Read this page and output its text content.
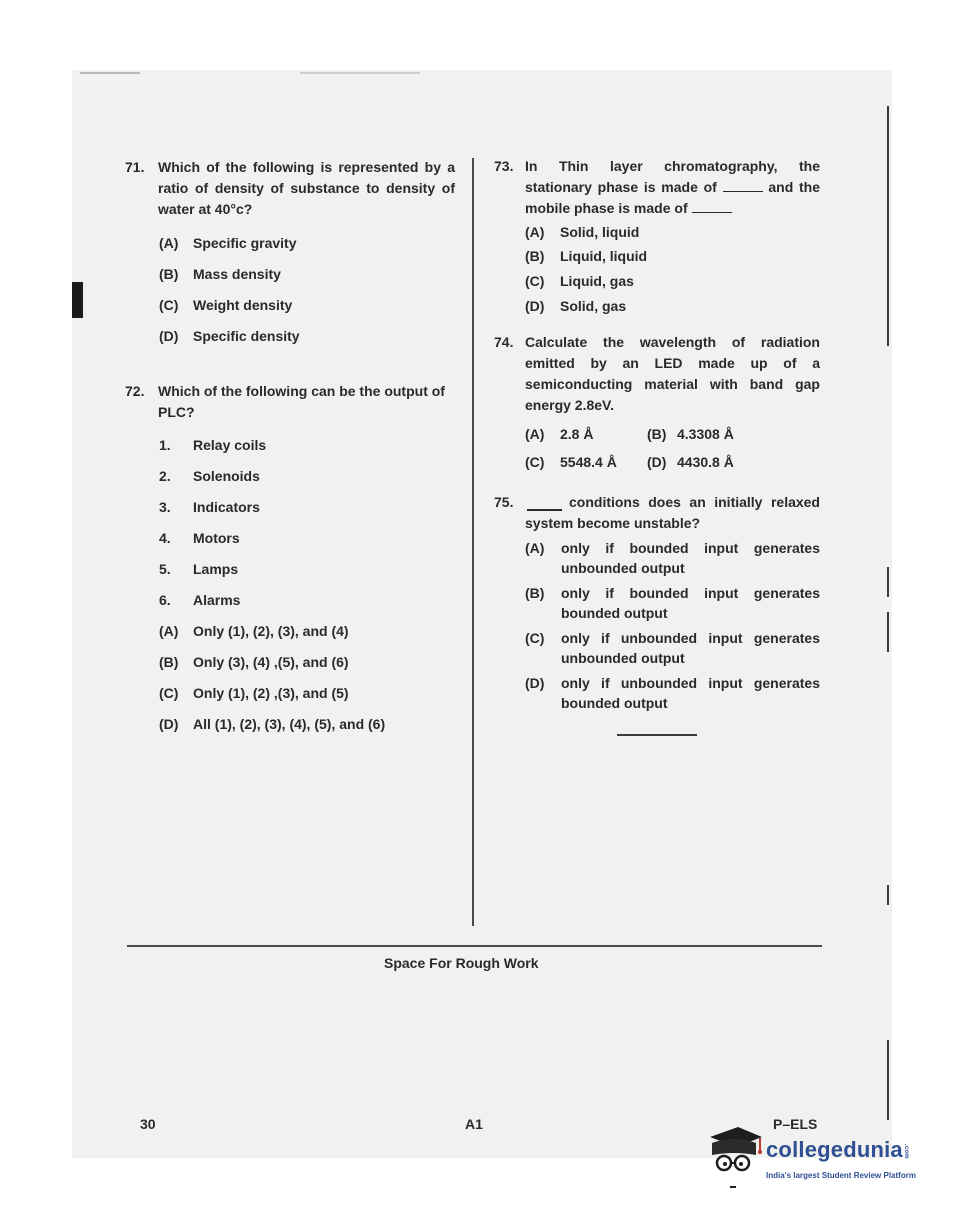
71. Which of the following is represented by a ratio of density of substance to density of water at 40°c?
(A) Specific gravity
(B) Mass density
(C) Weight density
(D) Specific density
72. Which of the following can be the output of PLC?
1. Relay coils
2. Solenoids
3. Indicators
4. Motors
5. Lamps
6. Alarms
(A) Only (1), (2), (3), and (4)
(B) Only (3), (4) ,(5), and (6)
(C) Only (1), (2) ,(3), and (5)
(D) All (1), (2), (3), (4), (5), and (6)
73. In Thin layer chromatography, the stationary phase is made of	and the mobile phase is made of
(A) Solid, liquid
(B) Liquid, liquid
(C) Liquid, gas
(D) Solid, gas
74. Calculate the wavelength of radiation emitted by an LED made up of a semiconducting material with band gap energy 2.8eV.
(A) 2.8 Å	(B) 4.3308 Å
(C) 5548.4 Å (D) 4430.8 Å
75.	conditions does an initially relaxed system become unstable?
(A) only if bounded input generates unbounded output
(B) only if bounded input generates bounded output
(C) only if unbounded input generates unbounded output
(D) only if unbounded input generates bounded output
Space For Rough Work
30	A1	P–ELS
collegedunia.com
India's largest Student Review Platform
